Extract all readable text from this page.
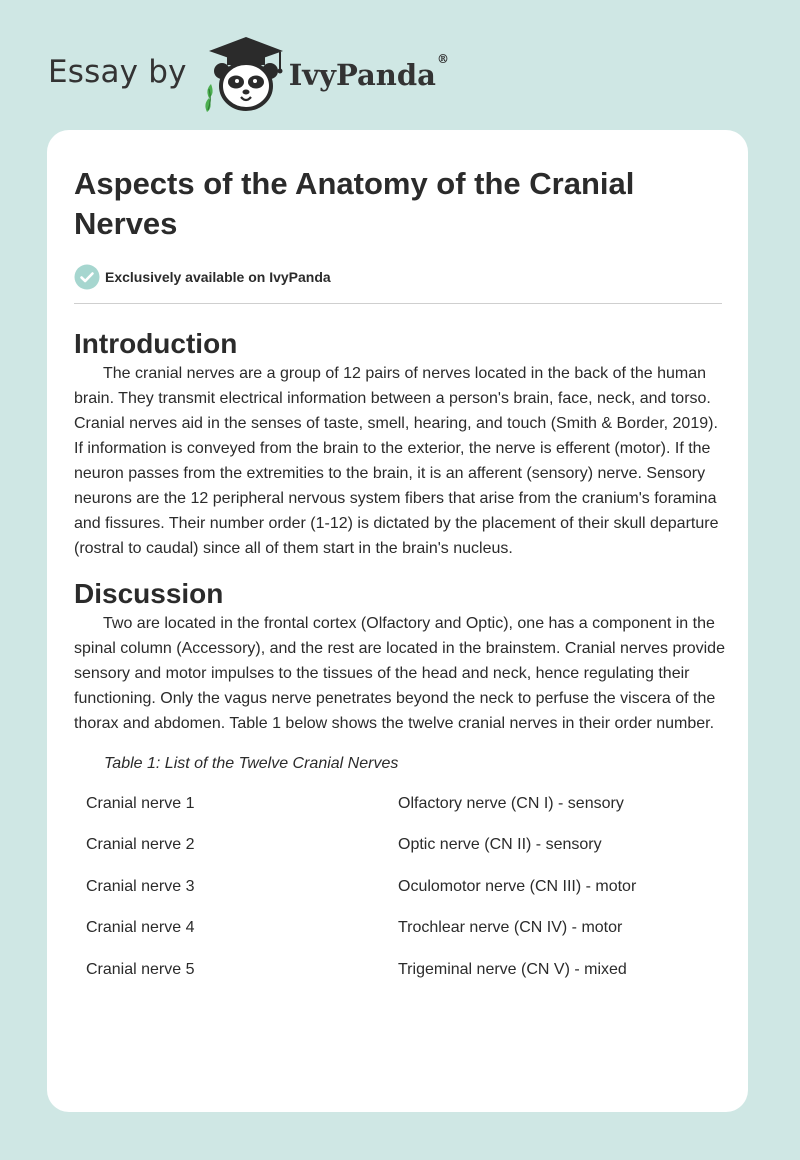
Essay by	IvyPanda®
Aspects of the Anatomy of the Cranial Nerves
Exclusively available on IvyPanda
Introduction

The cranial nerves are a group of 12 pairs of nerves located in the back of the human brain. They transmit electrical information between a person's brain, face, neck, and torso. Cranial nerves aid in the senses of taste, smell, hearing, and touch (Smith & Border, 2019). If information is conveyed from the brain to the exterior, the nerve is efferent (motor). If the neuron passes from the extremities to the brain, it is an afferent (sensory) nerve. Sensory neurons are the 12 peripheral nervous system fibers that arise from the cranium's foramina and fissures. Their number order (1-12) is dictated by the placement of their skull departure (rostral to caudal) since all of them start in the brain's nucleus.

Discussion

Two are located in the frontal cortex (Olfactory and Optic), one has a component in the spinal column (Accessory), and the rest are located in the brainstem. Cranial nerves provide sensory and motor impulses to the tissues of the head and neck, hence regulating their functioning. Only the vagus nerve penetrates beyond the neck to perfuse the viscera of the thorax and abdomen. Table 1 below shows the twelve cranial nerves in their order number.

Table 1: List of the Twelve Cranial Nerves
Cranial nerve 1	Olfactory nerve (CN I) - sensory
Cranial nerve 2	Optic nerve (CN II) - sensory
Cranial nerve 3	Oculomotor nerve (CN III) - motor
Cranial nerve 4	Trochlear nerve (CN IV) - motor
Cranial nerve 5	Trigeminal nerve (CN V) - mixed
